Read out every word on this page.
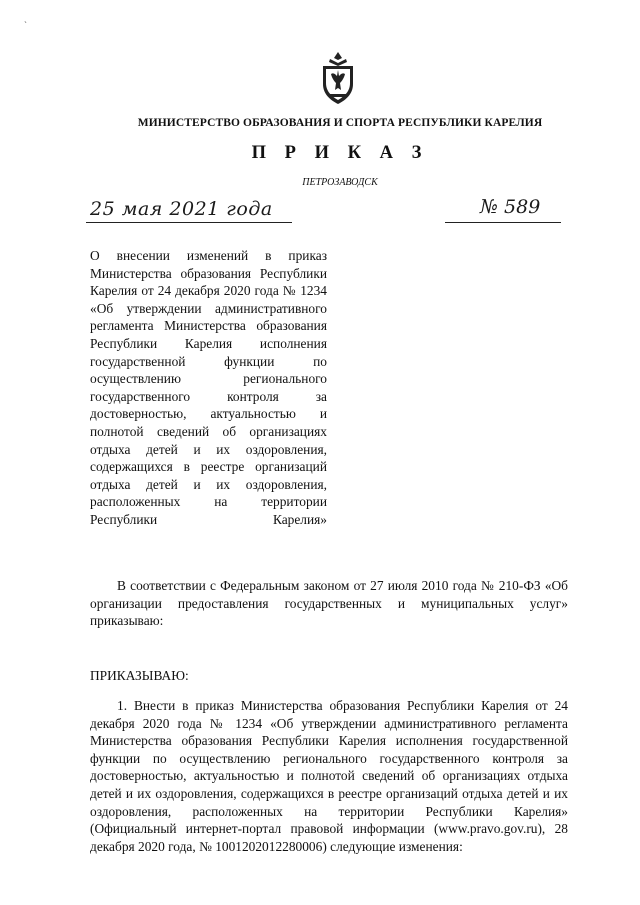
ˋ
МИНИСТЕРСТВО ОБРАЗОВАНИЯ И СПОРТА РЕСПУБЛИКИ КАРЕЛИЯ
П Р И К А З
ПЕТРОЗАВОДСК
25 мая 2021 года	№ 589
О внесении изменений в приказ Министерства образования Республики Карелия от 24 декабря 2020 года № 1234 «Об утверждении административного регламента Министерства образования Республики Карелия исполнения государственной функции по осуществлению регионального государственного контроля за достоверностью, актуальностью и полнотой сведений об организациях отдыха детей и их оздоровления, содержащихся в реестре организаций отдыха детей и их оздоровления, расположенных на территории Республики Карелия»
В соответствии с Федеральным законом от 27 июля 2010 года № 210-ФЗ «Об организации предоставления государственных и муниципальных услуг» приказываю:
ПРИКАЗЫВАЮ:
1. Внести в приказ Министерства образования Республики Карелия от 24 декабря 2020 года № 1234 «Об утверждении административного регламента Министерства образования Республики Карелия исполнения государственной функции по осуществлению регионального государственного контроля за достоверностью, актуальностью и полнотой сведений об организациях отдыха детей и их оздоровления, содержащихся в реестре организаций отдыха детей и их оздоровления, расположенных на территории Республики Карелия» (Официальный интернет-портал правовой информации (www.pravo.gov.ru), 28 декабря 2020 года, № 1001202012280006) следующие изменения:
